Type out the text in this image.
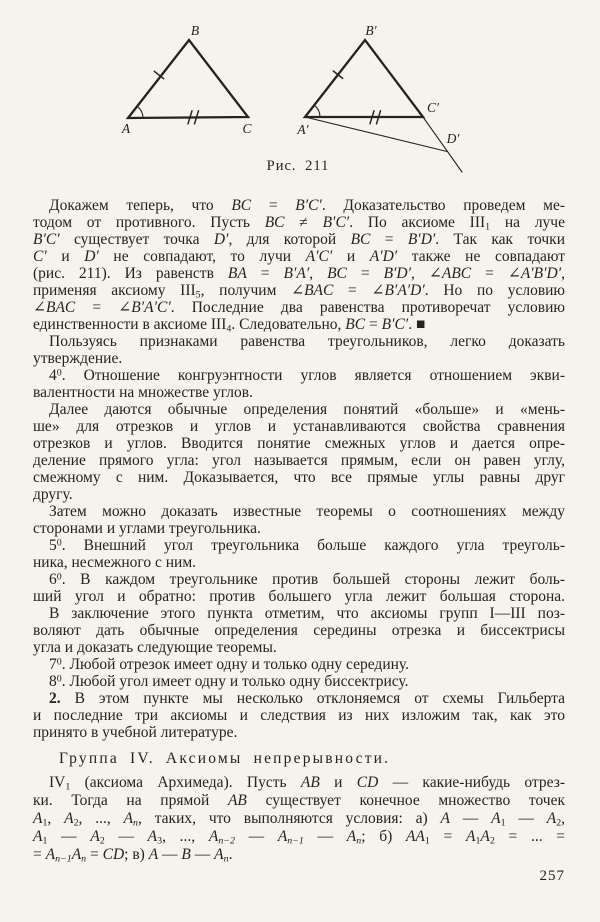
B
A	C
B′
A′
C′
D′
Рис. 211
Докажем теперь, что BC = B′C′. Доказательство проведем ме-
тодом от противного. Пусть BC ≠ B′C′. По аксиоме $III_1$ на луче
B′C′ существует точка D′, для которой BC = B′D′. Так как точки
C′ и D′ не совпадают, то лучи A′C′ и A′D′ также не совпадают
(рис. 211). Из равенств BA = B′A′, BC = B′D′, ∠ABC = ∠A′B′D′,
применяя аксиому $III_5$, получим ∠BAC = ∠B′A′D′. Но по условию
∠BAC = ∠B′A′C′. Последние два равенства противоречат условию
единственности в аксиоме $III_4$. Следовательно, BC = B′C′. ■
Пользуясь признаками равенства треугольников, легко доказать
утверждение.
$4^0$. Отношение конгруэнтности углов является отношением экви-
валентности на множестве углов.
Далее даются обычные определения понятий «больше» и «мень-
ше» для отрезков и углов и устанавливаются свойства сравнения
отрезков и углов. Вводится понятие смежных углов и дается опре-
деление прямого угла: угол называется прямым, если он равен углу,
смежному с ним. Доказывается, что все прямые углы равны друг
другу.
Затем можно доказать известные теоремы о соотношениях между
сторонами и углами треугольника.
$5^0$. Внешний угол треугольника больше каждого угла треуголь-
ника, несмежного с ним.
$6^0$. В каждом треугольнике против большей стороны лежит боль-
ший угол и обратно: против большего угла лежит большая сторона.
В заключение этого пункта отметим, что аксиомы групп I—III поз-
воляют дать обычные определения середины отрезка и биссектрисы
угла и доказать следующие теоремы.
$7^0$. Любой отрезок имеет одну и только одну середину.
$8^0$. Любой угол имеет одну и только одну биссектрису.
2. В этом пункте мы несколько отклоняемся от схемы Гильберта
и последние три аксиомы и следствия из них изложим так, как это
принято в учебной литературе.
Группа IV. Аксиомы непрерывности.
$IV_1$ (аксиома Архимеда). Пусть AB и CD — какие-нибудь отрез-
ки. Тогда на прямой AB существует конечное множество точек
$A_1$, $A_2$, ..., $A_n$, таких, что выполняются условия: а) A — $A_1$ — $A_2$,
$A_1$ — $A_2$ — $A_3$, ..., $A_{n-2}$ — $A_{n-1}$ — $A_n$; б) $AA_1 = A_1A_2$ = ... =
= $A_{n-1}A_n$ = CD; в) A — B — $A_n$.
257
